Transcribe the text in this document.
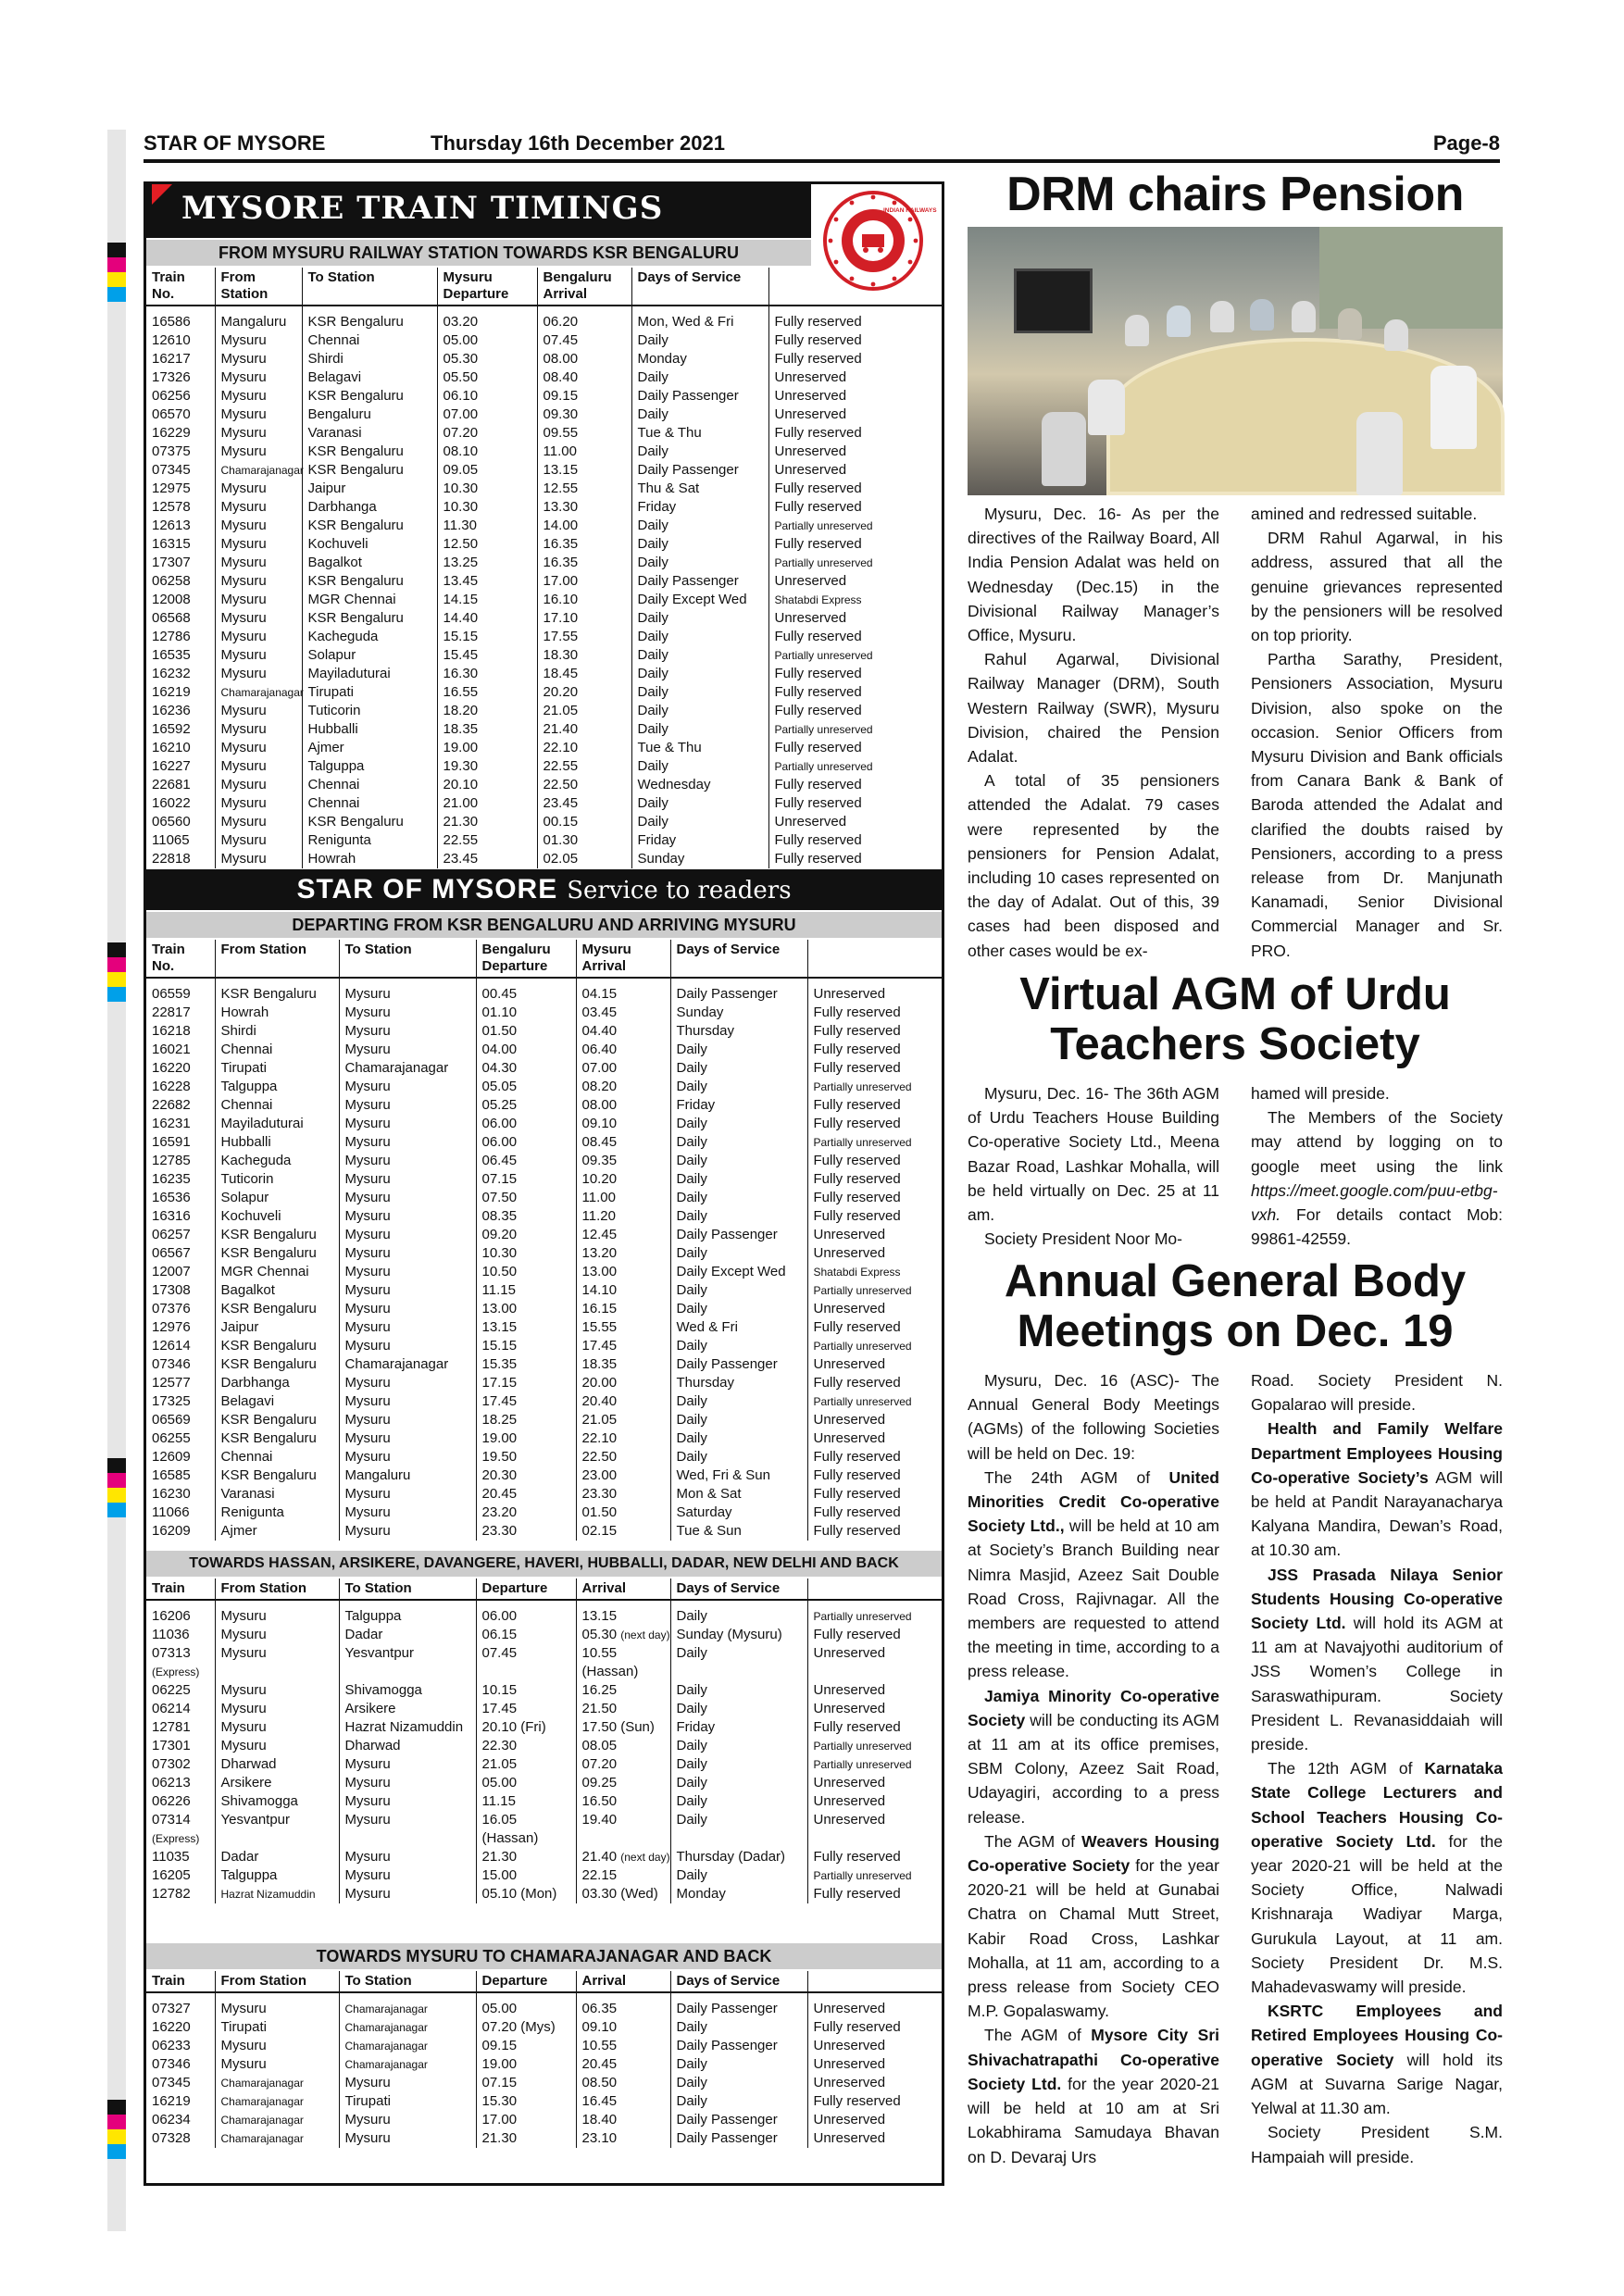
STAR OF MYSORE	Thursday 16th December 2021	Page-8
MYSORE TRAIN TIMINGS	INDIAN RAILWAYS
FROM MYSURU RAILWAY STATION TOWARDS KSR BENGALURU
Train No.	From Station	To Station	Mysuru Departure	Bengaluru Arrival	Days of Service	

16586	Mangaluru	KSR Bengaluru	03.20	06.20	Mon, Wed & Fri	Fully reserved
12610	Mysuru	Chennai	05.00	07.45	Daily	Fully reserved
16217	Mysuru	Shirdi	05.30	08.00	Monday	Fully reserved
17326	Mysuru	Belagavi	05.50	08.40	Daily	Unreserved
06256	Mysuru	KSR Bengaluru	06.10	09.15	Daily Passenger	Unreserved
06570	Mysuru	Bengaluru	07.00	09.30	Daily	Unreserved
16229	Mysuru	Varanasi	07.20	09.55	Tue & Thu	Fully reserved
07375	Mysuru	KSR Bengaluru	08.10	11.00	Daily	Unreserved
07345	Chamarajanagar	KSR Bengaluru	09.05	13.15	Daily Passenger	Unreserved
12975	Mysuru	Jaipur	10.30	12.55	Thu & Sat	Fully reserved
12578	Mysuru	Darbhanga	10.30	13.30	Friday	Fully reserved
12613	Mysuru	KSR Bengaluru	11.30	14.00	Daily	Partially unreserved
16315	Mysuru	Kochuveli	12.50	16.35	Daily	Fully reserved
17307	Mysuru	Bagalkot	13.25	16.35	Daily	Partially unreserved
06258	Mysuru	KSR Bengaluru	13.45	17.00	Daily Passenger	Unreserved
12008	Mysuru	MGR Chennai	14.15	16.10	Daily Except Wed	Shatabdi Express
06568	Mysuru	KSR Bengaluru	14.40	17.10	Daily	Unreserved
12786	Mysuru	Kacheguda	15.15	17.55	Daily	Fully reserved
16535	Mysuru	Solapur	15.45	18.30	Daily	Partially unreserved
16232	Mysuru	Mayiladuturai	16.30	18.45	Daily	Fully reserved
16219	Chamarajanagar	Tirupati	16.55	20.20	Daily	Fully reserved
16236	Mysuru	Tuticorin	18.20	21.05	Daily	Fully reserved
16592	Mysuru	Hubballi	18.35	21.40	Daily	Partially unreserved
16210	Mysuru	Ajmer	19.00	22.10	Tue & Thu	Fully reserved
16227	Mysuru	Talguppa	19.30	22.55	Daily	Partially unreserved
22681	Mysuru	Chennai	20.10	22.50	Wednesday	Fully reserved
16022	Mysuru	Chennai	21.00	23.45	Daily	Fully reserved
06560	Mysuru	KSR Bengaluru	21.30	00.15	Daily	Unreserved
11065	Mysuru	Renigunta	22.55	01.30	Friday	Fully reserved
22818	Mysuru	Howrah	23.45	02.05	Sunday	Fully reserved
STAR OF MYSORE Service to readers
DEPARTING FROM KSR BENGALURU AND ARRIVING MYSURU
Train No.	From Station	To Station	Bengaluru Departure	Mysuru Arrival	Days of Service	

06559	KSR Bengaluru	Mysuru	00.45	04.15	Daily Passenger	Unreserved
22817	Howrah	Mysuru	01.10	03.45	Sunday	Fully reserved
16218	Shirdi	Mysuru	01.50	04.40	Thursday	Fully reserved
16021	Chennai	Mysuru	04.00	06.40	Daily	Fully reserved
16220	Tirupati	Chamarajanagar	04.30	07.00	Daily	Fully reserved
16228	Talguppa	Mysuru	05.05	08.20	Daily	Partially unreserved
22682	Chennai	Mysuru	05.25	08.00	Friday	Fully reserved
16231	Mayiladuturai	Mysuru	06.00	09.10	Daily	Fully reserved
16591	Hubballi	Mysuru	06.00	08.45	Daily	Partially unreserved
12785	Kacheguda	Mysuru	06.45	09.35	Daily	Fully reserved
16235	Tuticorin	Mysuru	07.15	10.20	Daily	Fully reserved
16536	Solapur	Mysuru	07.50	11.00	Daily	Fully reserved
16316	Kochuveli	Mysuru	08.35	11.20	Daily	Fully reserved
06257	KSR Bengaluru	Mysuru	09.20	12.45	Daily Passenger	Unreserved
06567	KSR Bengaluru	Mysuru	10.30	13.20	Daily	Unreserved
12007	MGR Chennai	Mysuru	10.50	13.00	Daily Except Wed	Shatabdi Express
17308	Bagalkot	Mysuru	11.15	14.10	Daily	Partially unreserved
07376	KSR Bengaluru	Mysuru	13.00	16.15	Daily	Unreserved
12976	Jaipur	Mysuru	13.15	15.55	Wed & Fri	Fully reserved
12614	KSR Bengaluru	Mysuru	15.15	17.45	Daily	Partially unreserved
07346	KSR Bengaluru	Chamarajanagar	15.35	18.35	Daily Passenger	Unreserved
12577	Darbhanga	Mysuru	17.15	20.00	Thursday	Fully reserved
17325	Belagavi	Mysuru	17.45	20.40	Daily	Partially unreserved
06569	KSR Bengaluru	Mysuru	18.25	21.05	Daily	Unreserved
06255	KSR Bengaluru	Mysuru	19.00	22.10	Daily	Unreserved
12609	Chennai	Mysuru	19.50	22.50	Daily	Fully reserved
16585	KSR Bengaluru	Mangaluru	20.30	23.00	Wed, Fri & Sun	Fully reserved
16230	Varanasi	Mysuru	20.45	23.30	Mon & Sat	Fully reserved
11066	Renigunta	Mysuru	23.20	01.50	Saturday	Fully reserved
16209	Ajmer	Mysuru	23.30	02.15	Tue & Sun	Fully reserved
TOWARDS HASSAN, ARSIKERE, DAVANGERE, HAVERI, HUBBALLI, DADAR, NEW DELHI AND BACK
Train	From Station	To Station	Departure	Arrival	Days of Service	

16206	Mysuru	Talguppa	06.00	13.15	Daily	Partially unreserved
11036	Mysuru	Dadar	06.15	05.30 (next day)	Sunday (Mysuru)	Fully reserved
07313	Mysuru	Yesvantpur	07.45	10.55	Daily	Unreserved
(Express)				(Hassan)		
06225	Mysuru	Shivamogga	10.15	16.25	Daily	Unreserved
06214	Mysuru	Arsikere	17.45	21.50	Daily	Unreserved
12781	Mysuru	Hazrat Nizamuddin	20.10 (Fri)	17.50 (Sun)	Friday	Fully reserved
17301	Mysuru	Dharwad	22.30	08.05	Daily	Partially unreserved
07302	Dharwad	Mysuru	21.05	07.20	Daily	Partially unreserved
06213	Arsikere	Mysuru	05.00	09.25	Daily	Unreserved
06226	Shivamogga	Mysuru	11.15	16.50	Daily	Unreserved
07314	Yesvantpur	Mysuru	16.05	19.40	Daily	Unreserved
(Express)			(Hassan)			
11035	Dadar	Mysuru	21.30	21.40 (next day)	Thursday (Dadar)	Fully reserved
16205	Talguppa	Mysuru	15.00	22.15	Daily	Partially unreserved
12782	Hazrat Nizamuddin	Mysuru	05.10 (Mon)	03.30 (Wed)	Monday	Fully reserved
TOWARDS MYSURU TO CHAMARAJANAGAR AND BACK
Train	From Station	To Station	Departure	Arrival	Days of Service	

07327	Mysuru	Chamarajanagar	05.00	06.35	Daily Passenger	Unreserved
16220	Tirupati	Chamarajanagar	07.20 (Mys)	09.10	Daily	Fully reserved
06233	Mysuru	Chamarajanagar	09.15	10.55	Daily Passenger	Unreserved
07346	Mysuru	Chamarajanagar	19.00	20.45	Daily	Unreserved
07345	Chamarajanagar	Mysuru	07.15	08.50	Daily	Unreserved
16219	Chamarajanagar	Tirupati	15.30	16.45	Daily	Fully reserved
06234	Chamarajanagar	Mysuru	17.00	18.40	Daily Passenger	Unreserved
07328	Chamarajanagar	Mysuru	21.30	23.10	Daily Passenger	Unreserved
DRM chairs Pension

Mysuru, Dec. 16- As per the directives of the Railway Board, All India Pension Adalat was held on Wednesday (Dec.15) in the Divisional Railway Manager’s Office, Mysuru.

Rahul Agarwal, Divisional Railway Manager (DRM), South Western Railway (SWR), Mysuru Division, chaired the Pension Adalat.

A total of 35 pensioners attended the Adalat. 79 cases were represented by the pensioners for Pension Adalat, including 10 cases represented on the day of Adalat. Out of this, 39 cases had been disposed and other cases would be ex-

amined and redressed suitable.

DRM Rahul Agarwal, in his address, assured that all the genuine grievances represented by the pensioners will be resolved on top priority.

Partha Sarathy, President, Pensioners Association, Mysuru Division, also spoke on the occasion. Senior Officers from Mysuru Division and Bank officials from Canara Bank & Bank of Baroda attended the Adalat and clarified the doubts raised by Pensioners, according to a press release from Dr. Manjunath Kanamadi, Senior Divisional Commercial Manager and Sr. PRO.

Virtual AGM of Urdu
Teachers Society

Mysuru, Dec. 16- The 36th AGM of Urdu Teachers House Building Co-operative Society Ltd., Meena Bazar Road, Lashkar Mohalla, will be held virtually on Dec. 25 at 11 am.

Society President Noor Mo-

hamed will preside.

The Members of the Society may attend by logging on to google meet using the link https://meet.google.com/puu-etbg-vxh. For details contact Mob: 99861-42559.

Annual General Body
Meetings on Dec. 19

Mysuru, Dec. 16 (ASC)- The Annual General Body Meetings (AGMs) of the following Societies will be held on Dec. 19:

The 24th AGM of United Minorities Credit Co-operative Society Ltd., will be held at 10 am at Society’s Branch Building near Nimra Masjid, Azeez Sait Double Road Cross, Rajivnagar. All the members are requested to attend the meeting in time, according to a press release.

Jamiya Minority Co-operative Society will be conducting its AGM at 11 am at its office premises, SBM Colony, Azeez Sait Road, Udayagiri, according to a press release.

The AGM of Weavers Housing Co-operative Society for the year 2020-21 will be held at Gunabai Chatra on Chamal Mutt Street, Kabir Road Cross, Lashkar Mohalla, at 11 am, according to a press release from Society CEO M.P. Gopalaswamy.

The AGM of Mysore City Sri Shivachatrapathi Co-operative Society Ltd. for the year 2020-21 will be held at 10 am at Sri Lokabhirama Samudaya Bhavan on D. Devaraj Urs

Road. Society President N. Gopalarao will preside.

Health and Family Welfare Department Employees Housing Co-operative Society’s AGM will be held at Pandit Narayanacharya Kalyana Mandira, Dewan’s Road, at 10.30 am.

JSS Prasada Nilaya Senior Students Housing Co-operative Society Ltd. will hold its AGM at 11 am at Navajyothi auditorium of JSS Women’s College in Saraswathipuram. Society President L. Revanasiddaiah will preside.

The 12th AGM of Karnataka State College Lecturers and School Teachers Housing Co-operative Society Ltd. for the year 2020-21 will be held at the Society Office, Nalwadi Krishnaraja Wadiyar Marga, Gurukula Layout, at 11 am. Society President Dr. M.S. Mahadevaswamy will preside.

KSRTC Employees and Retired Employees Housing Co-operative Society will hold its AGM at Suvarna Sarige Nagar, Yelwal at 11.30 am.

Society President S.M. Hampaiah will preside.
